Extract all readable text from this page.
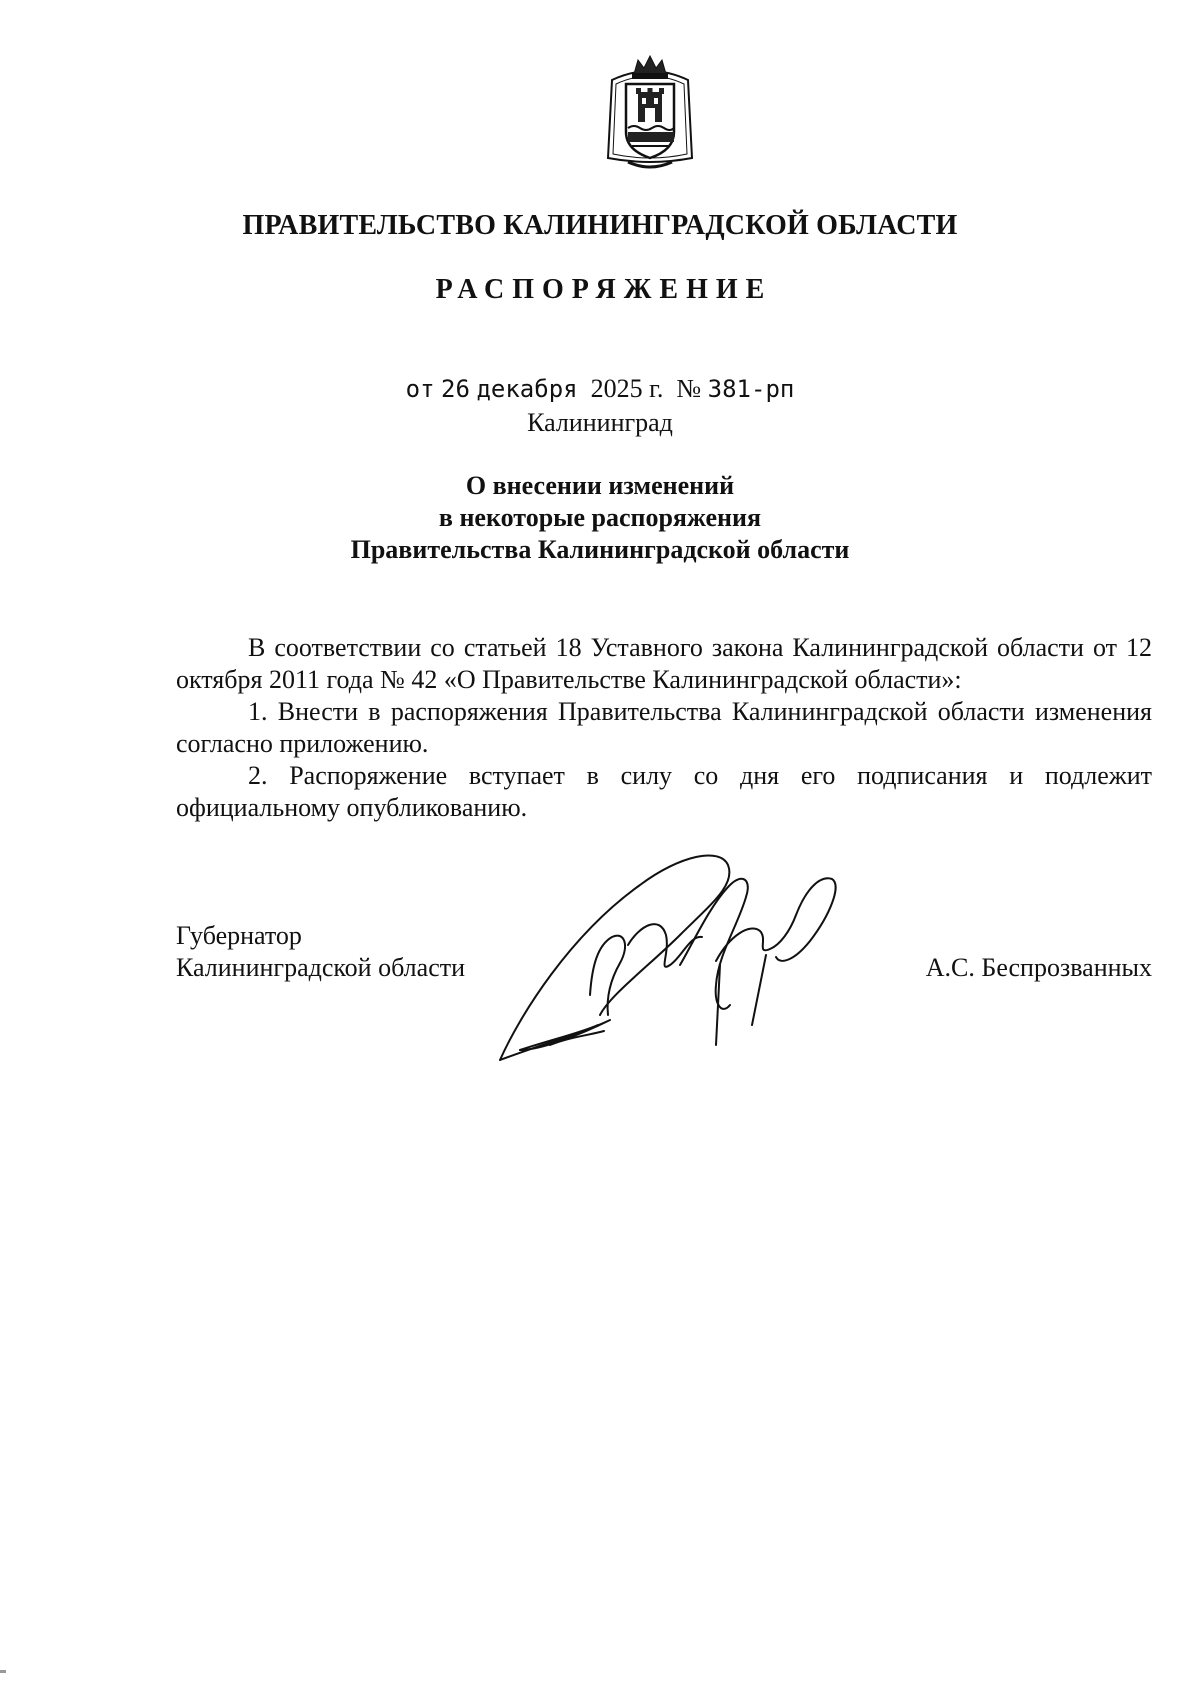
ПРАВИТЕЛЬСТВО КАЛИНИНГРАДСКОЙ ОБЛАСТИ
РАСПОРЯЖЕНИЕ
от 26 декабря 2025 г. № 381-рп
Калининград
О внесении изменений
в некоторые распоряжения
Правительства Калининградской области

В соответствии со статьей 18 Уставного закона Калининградской области от 12 октября 2011 года № 42 «О Правительстве Калининградской области»:

1. Внести в распоряжения Правительства Калининградской области изменения согласно приложению.

2. Распоряжение вступает в силу со дня его подписания и подлежит официальному опубликованию.

Губернатор
Калининградской области	А.С. Беспрозванных
